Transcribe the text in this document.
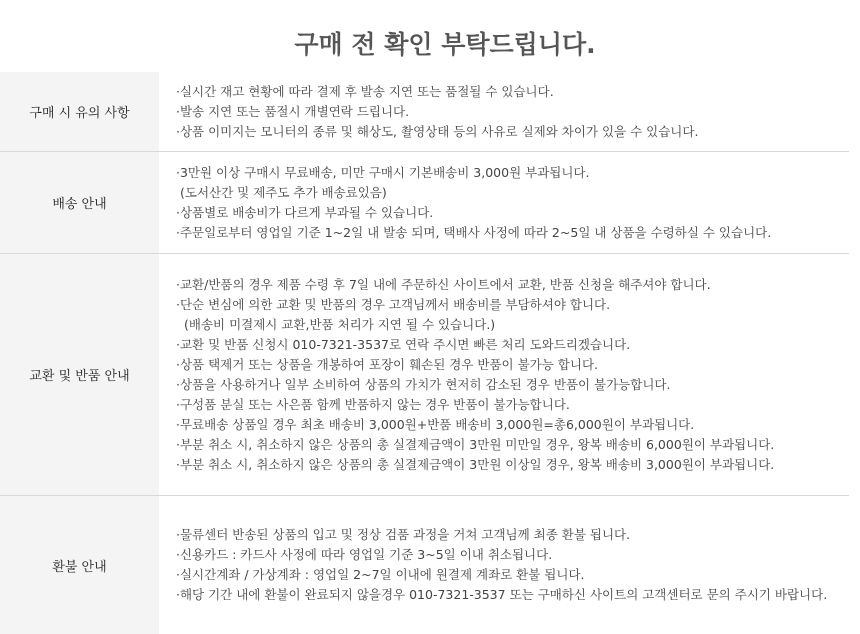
구매 전 확인 부탁드립니다.
구매 시 유의 사항
·실시간 재고 현황에 따라 결제 후 발송 지연 또는 품절될 수 있습니다.
·발송 지연 또는 품절시 개별연락 드립니다.
·상품 이미지는 모니터의 종류 및 해상도, 촬영상태 등의 사유로 실제와 차이가 있을 수 있습니다.
배송 안내
·3만원 이상 구매시 무료배송, 미만 구매시 기본배송비 3,000원 부과됩니다.
(도서산간 및 제주도 추가 배송료있음)
·상품별로 배송비가 다르게 부과될 수 있습니다.
·주문일로부터 영업일 기준 1~2일 내 발송 되며, 택배사 사정에 따라 2~5일 내 상품을 수령하실 수 있습니다.
교환 및 반품 안내
·교환/반품의 경우 제품 수령 후 7일 내에 주문하신 사이트에서 교환, 반품 신청을 해주셔야 합니다.
·단순 변심에 의한 교환 및 반품의 경우 고객님께서 배송비를 부담하셔야 합니다.
(배송비 미결제시 교환,반품 처리가 지연 될 수 있습니다.)
·교환 및 반품 신청시 010-7321-3537로 연락 주시면 빠른 처리 도와드리겠습니다.
·상품 택제거 또는 상품을 개봉하여 포장이 훼손된 경우 반품이 불가능 합니다.
·상품을 사용하거나 일부 소비하여 상품의 가치가 현저히 감소된 경우 반품이 불가능합니다.
·구성품 분실 또는 사은품 함께 반품하지 않는 경우 반품이 불가능합니다.
·무료배송 상품일 경우 최초 배송비 3,000원+반품 배송비 3,000원=총6,000원이 부과됩니다.
·부분 취소 시, 취소하지 않은 상품의 총 실결제금액이 3만원 미만일 경우, 왕복 배송비 6,000원이 부과됩니다.
·부분 취소 시, 취소하지 않은 상품의 총 실결제금액이 3만원 이상일 경우, 왕복 배송비 3,000원이 부과됩니다.
환불 안내
·물류센터 반송된 상품의 입고 및 정상 검품 과정을 거쳐 고객님께 최종 환불 됩니다.
·신용카드 : 카드사 사정에 따라 영업일 기준 3~5일 이내 취소됩니다.
·실시간계좌 / 가상계좌 : 영업일 2~7일 이내에 원결제 계좌로 환불 됩니다.
·해당 기간 내에 환불이 완료되지 않을경우 010-7321-3537 또는 구매하신 사이트의 고객센터로 문의 주시기 바랍니다.
